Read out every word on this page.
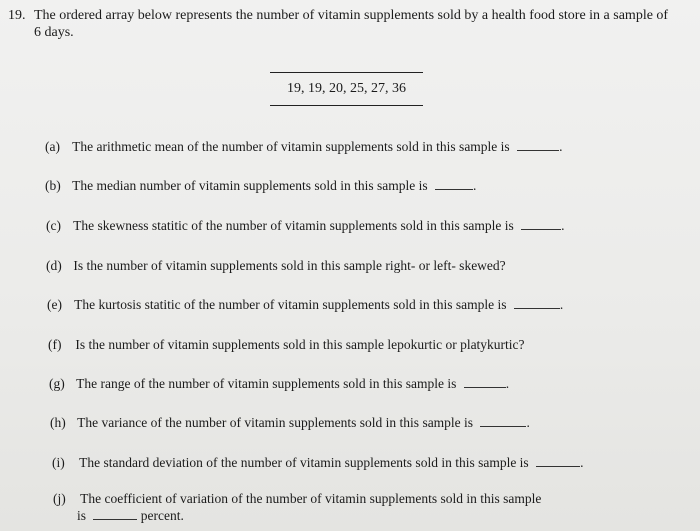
19. The ordered array below represents the number of vitamin supplements sold by a health food store in a sample of 6 days.
19, 19, 20, 25, 27, 36
(a) The arithmetic mean of the number of vitamin supplements sold in this sample is	.
(b) The median number of vitamin supplements sold in this sample is	.
(c) The skewness statitic of the number of vitamin supplements sold in this sample is	.
(d) Is the number of vitamin supplements sold in this sample right- or left- skewed?
(e) The kurtosis statitic of the number of vitamin supplements sold in this sample is	.
(f) Is the number of vitamin supplements sold in this sample lepokurtic or platykurtic?
(g) The range of the number of vitamin supplements sold in this sample is	.
(h) The variance of the number of vitamin supplements sold in this sample is	.
(i) The standard deviation of the number of vitamin supplements sold in this sample is	.
(j) The coefficient of variation of the number of vitamin supplements sold in this sample
is	percent.
